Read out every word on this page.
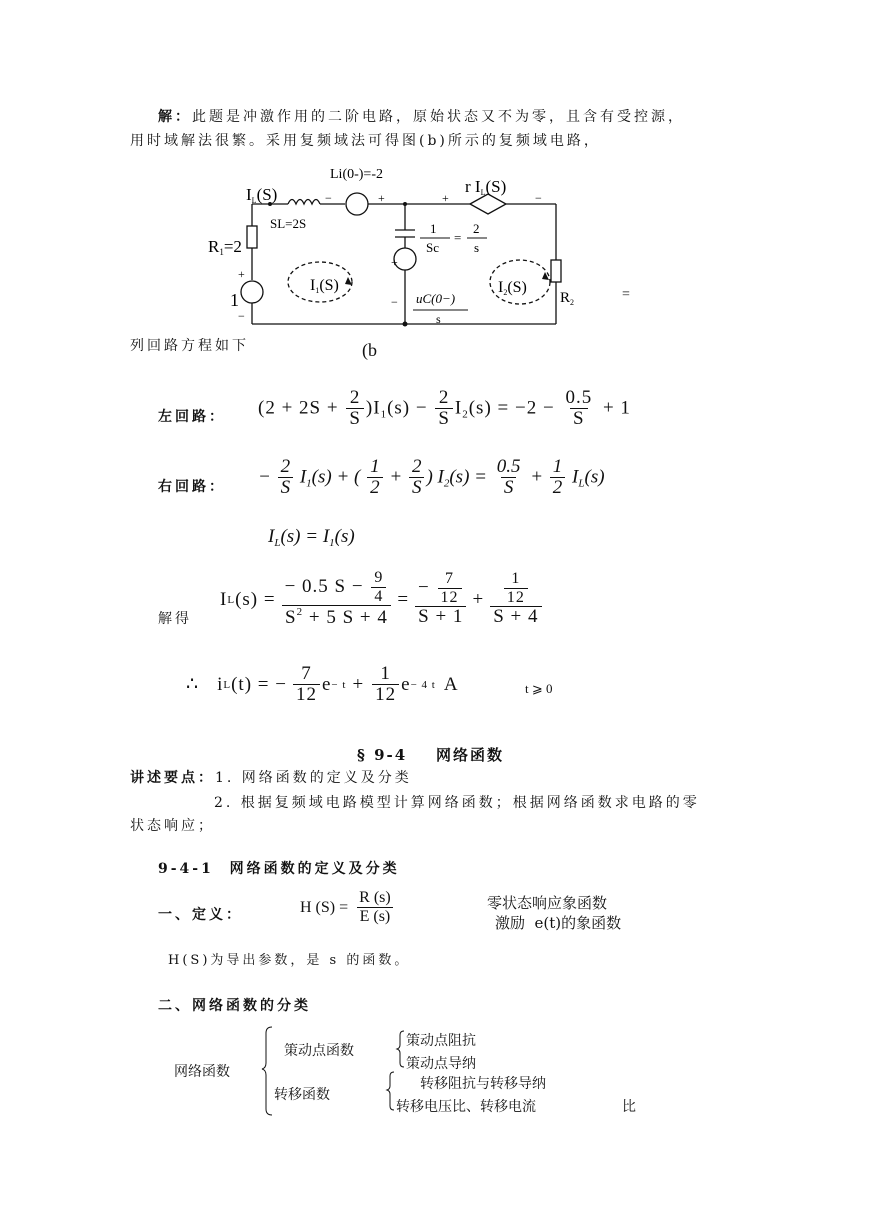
解：此题是冲激作用的二阶电路，原始状态又不为零，且含有受控源，
用时域解法很繁。采用复频域法可得图(b)所示的复频域电路，
Li(0-)=-2
IL(S)
SL=2S
R1=2
+
1
−
I1(S)
−	+	+	−
r IL(S)
1
Sc
=
2
s
+
− uC(0−)
s
I2(S)
$R_2$
=
列回路方程如下	(b
左回路： $(2 + 2S + \frac{2}{S} )I_1(s) - \frac{2}{S} I_2(s) = -2 - \frac{0.5}{S} + 1$
右回路： − $\frac{2}{S} I_1(s)$ + ( $\frac{1}{2} + \frac{2}{S}$ ) $I_2(s) = \frac{0.5}{S} + \frac{1}{2} I_L(s)$
$I_L(s) = I_1(s)$
解得
I L $(s) = \frac{- 0.5 S - \frac{9}{4}}{S^2 + 5 S + 4} = \frac{- \frac{7}{12}}{S + 1} + \frac{\frac{1}{12}}{S + 4}$
∴ i L (t) = − $\frac{7}{12}$ $e - t + \frac{1}{12}$ e − 4 t A	t ⩾ 0
§ 9-4    网络函数
讲述要点：1. 网络函数的定义及分类
2. 根据复频域电路模型计算网络函数；根据网络函数求电路的零
状态响应；
9-4-1  网络函数的定义及分类
一、定义：	H $(S) = \frac{R (s)}{E (s)}$	零状态响应象函数
激励  e(t)的象函数
H(S)为导出参数，是 s 的函数。
二、网络函数的分类
网络函数
策动点函数
策动点阻抗
策动点导纳
转移函数
转移阻抗与转移导纳
转移电压比、转移电流	比
